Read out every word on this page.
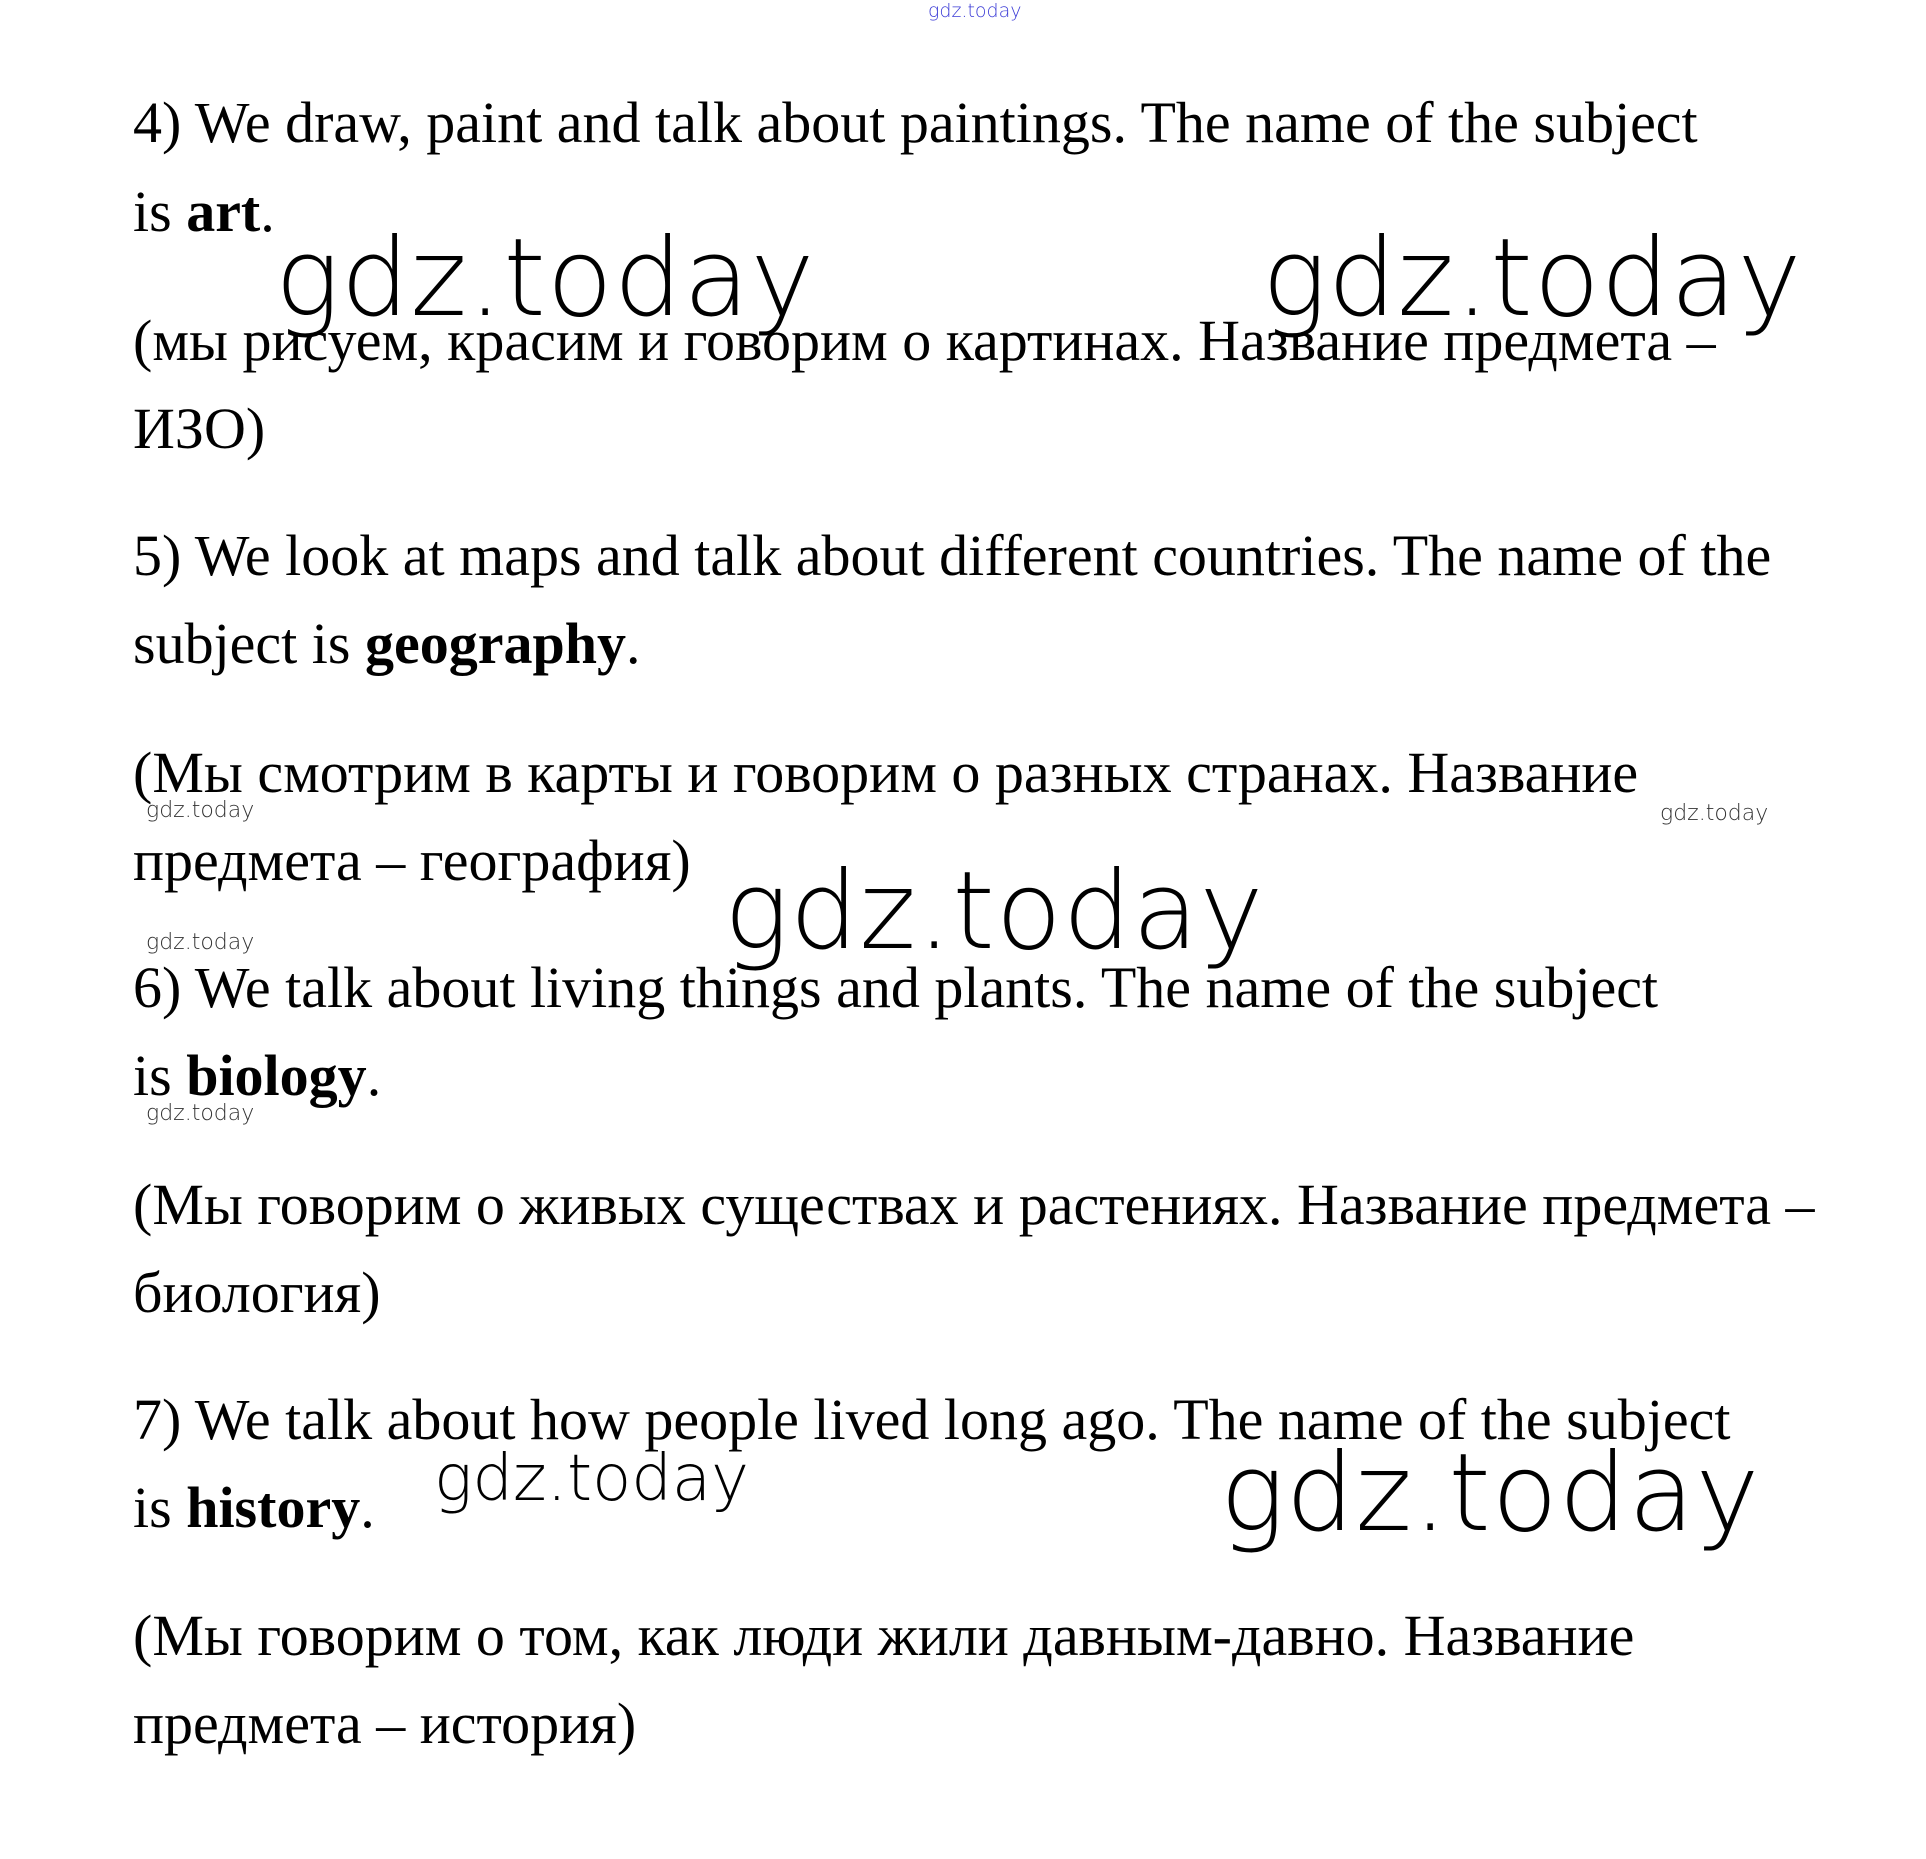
gdz.today
4) We draw, paint and talk about paintings. The name of the subject
is art.
(мы рисуем, красим и говорим о картинах. Название предмета –
ИЗО)
5) We look at maps and talk about different countries. The name of the
subject is geography.
(Мы смотрим в карты и говорим о разных странах. Название
предмета – география)
6) We talk about living things and plants. The name of the subject
is biology.
(Мы говорим о живых существах и растениях. Название предмета –
биология)
7) We talk about how people lived long ago. The name of the subject
is history.
(Мы говорим о том, как люди жили давным-давно. Название
предмета – история)
gdz.today	gdz.today
gdz.today	gdz.today
gdz.today
gdz.today
gdz.today
gdz.today	gdz.today
